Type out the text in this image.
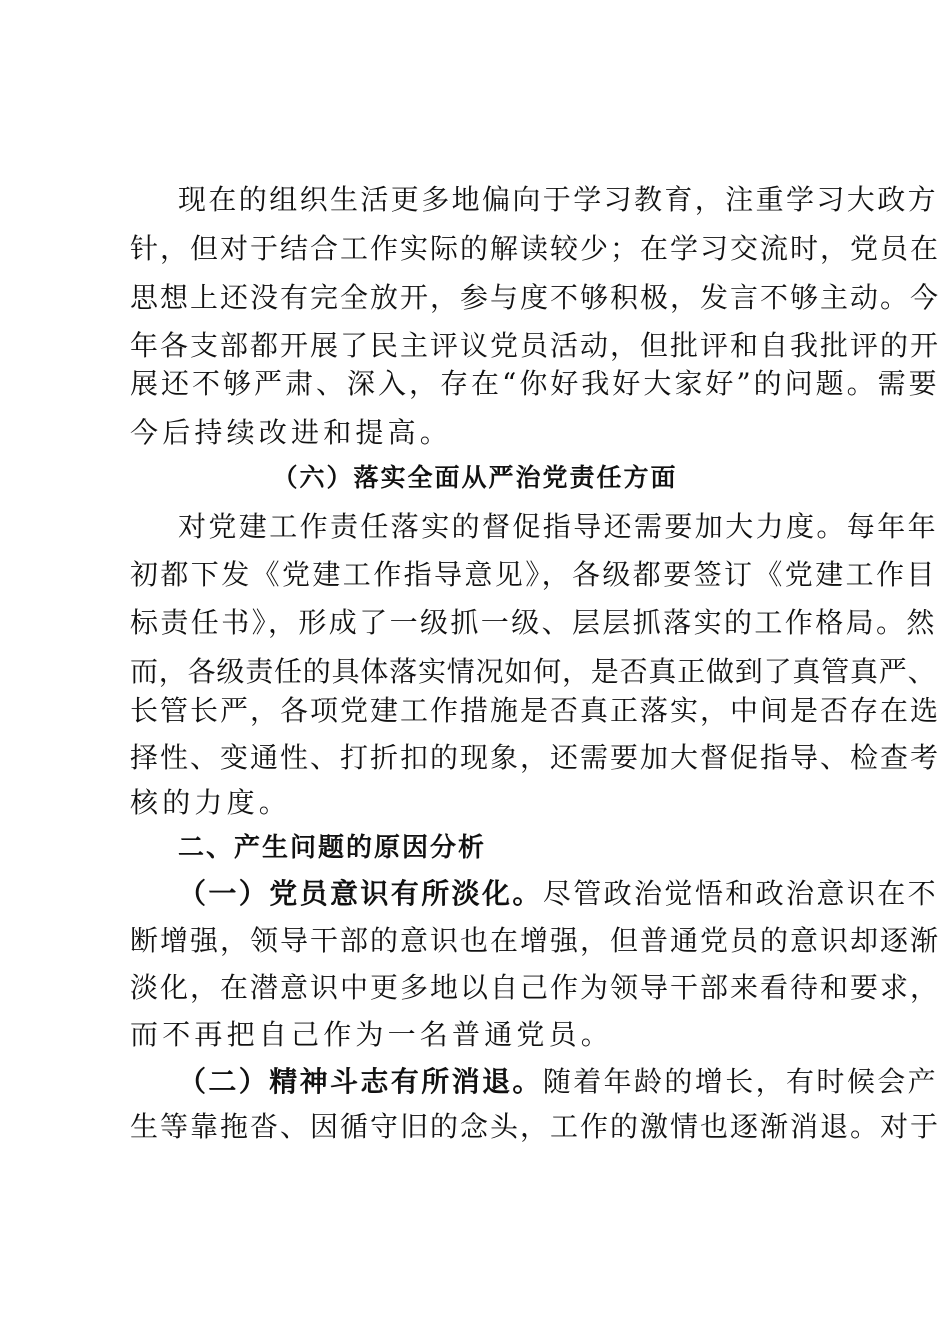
现在的组织生活更多地偏向于学习教育，注重学习大政方
针，但对于结合工作实际的解读较少；在学习交流时，党员在
思想上还没有完全放开，参与度不够积极，发言不够主动。今
年各支部都开展了民主评议党员活动，但批评和自我批评的开
展还不够严肃、深入，存在“你好我好大家好”的问题。需要
今后持续改进和提高。
（六）落实全面从严治党责任方面
对党建工作责任落实的督促指导还需要加大力度。每年年
初都下发《党建工作指导意见》，各级都要签订《党建工作目
标责任书》，形成了一级抓一级、层层抓落实的工作格局。然
而，各级责任的具体落实情况如何，是否真正做到了真管真严、
长管长严，各项党建工作措施是否真正落实，中间是否存在选
择性、变通性、打折扣的现象，还需要加大督促指导、检查考
核的力度。
二、产生问题的原因分析
（一）党员意识有所淡化。尽管政治觉悟和政治意识在不
断增强，领导干部的意识也在增强，但普通党员的意识却逐渐
淡化，在潜意识中更多地以自己作为领导干部来看待和要求，
而不再把自己作为一名普通党员。
（二）精神斗志有所消退。随着年龄的增长，有时候会产
生等靠拖沓、因循守旧的念头，工作的激情也逐渐消退。对于
